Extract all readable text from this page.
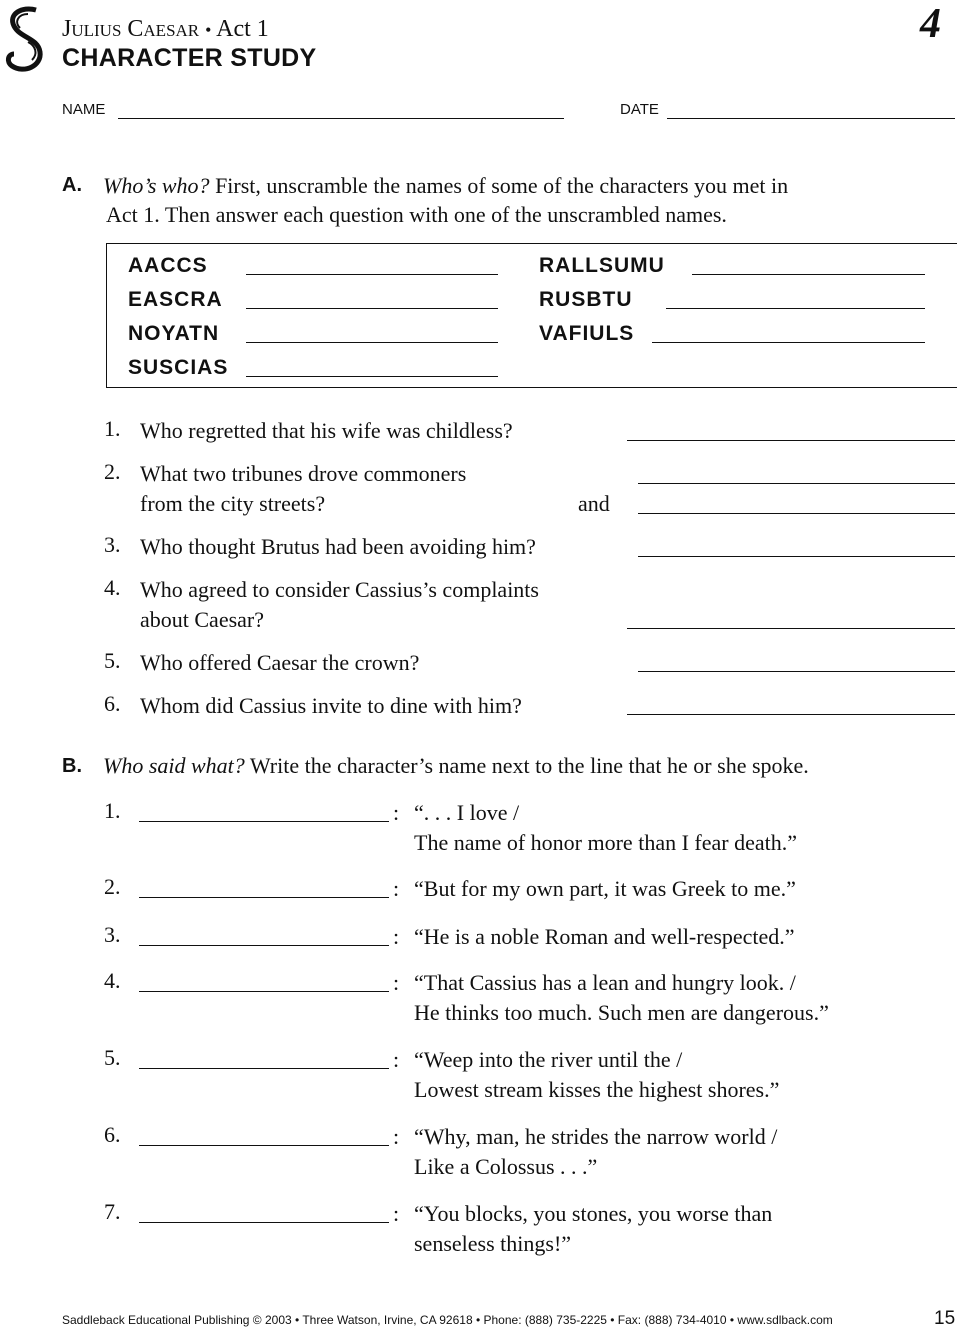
Julius Caesar • Act 1
CHARACTER STUDY
4
NAME	DATE
A. Who’s who? First, unscramble the names of some of the characters you met in
Act 1. Then answer each question with one of the unscrambled names.
AACCS
EASCRA
NOYATN
SUSCIAS
RALLSUMU
RUSBTU
VAFIULS
1. Who regretted that his wife was childless?
2. What two tribunes drove commoners
from the city streets?	and
3. Who thought Brutus had been avoiding him?
4. Who agreed to consider Cassius’s complaints
about Caesar?
5. Who offered Caesar the crown?
6. Whom did Cassius invite to dine with him?
B. Who said what? Write the character’s name next to the line that he or she spoke.
1.	: “. . . I love /
The name of honor more than I fear death.”
2.	: “But for my own part, it was Greek to me.”
3.	: “He is a noble Roman and well-respected.”
4.	: “That Cassius has a lean and hungry look. /
He thinks too much. Such men are dangerous.”
5.	: “Weep into the river until the /
Lowest stream kisses the highest shores.”
6.	: “Why, man, he strides the narrow world /
Like a Colossus . . .”
7.	: “You blocks, you stones, you worse than
senseless things!”
Saddleback Educational Publishing © 2003 • Three Watson, Irvine, CA 92618 • Phone: (888) 735-2225 • Fax: (888) 734-4010 • www.sdlback.com	15
